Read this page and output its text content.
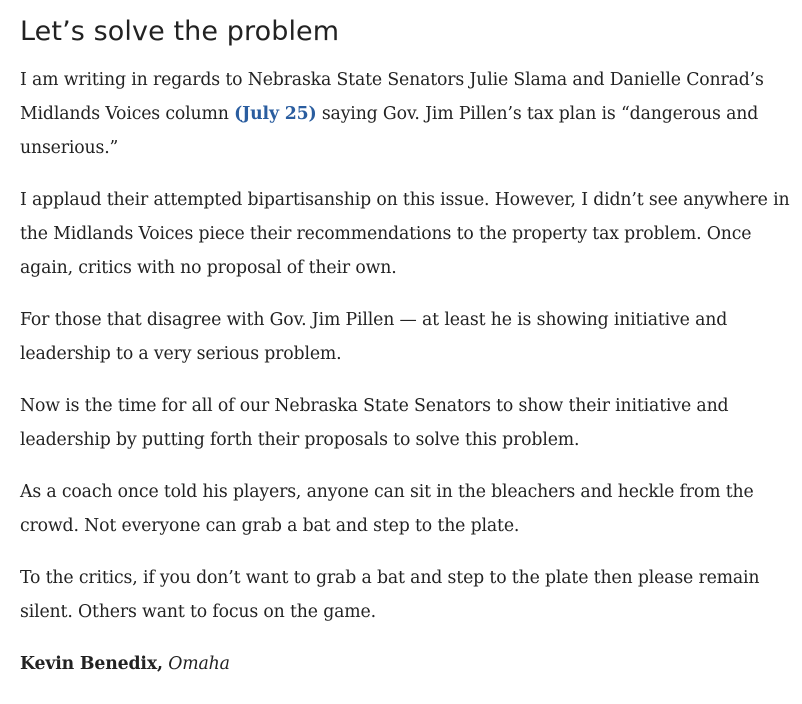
Let’s solve the problem

I am writing in regards to Nebraska State Senators Julie Slama and Danielle Conrad’s Midlands Voices column (July 25) saying Gov. Jim Pillen’s tax plan is “dangerous and unserious.”

I applaud their attempted bipartisanship on this issue. However, I didn’t see anywhere in the Midlands Voices piece their recommendations to the property tax problem. Once again, critics with no proposal of their own.

For those that disagree with Gov. Jim Pillen — at least he is showing initiative and leadership to a very serious problem.

Now is the time for all of our Nebraska State Senators to show their initiative and leadership by putting forth their proposals to solve this problem.

As a coach once told his players, anyone can sit in the bleachers and heckle from the crowd. Not everyone can grab a bat and step to the plate.

To the critics, if you don’t want to grab a bat and step to the plate then please remain silent. Others want to focus on the game.

Kevin Benedix, Omaha
